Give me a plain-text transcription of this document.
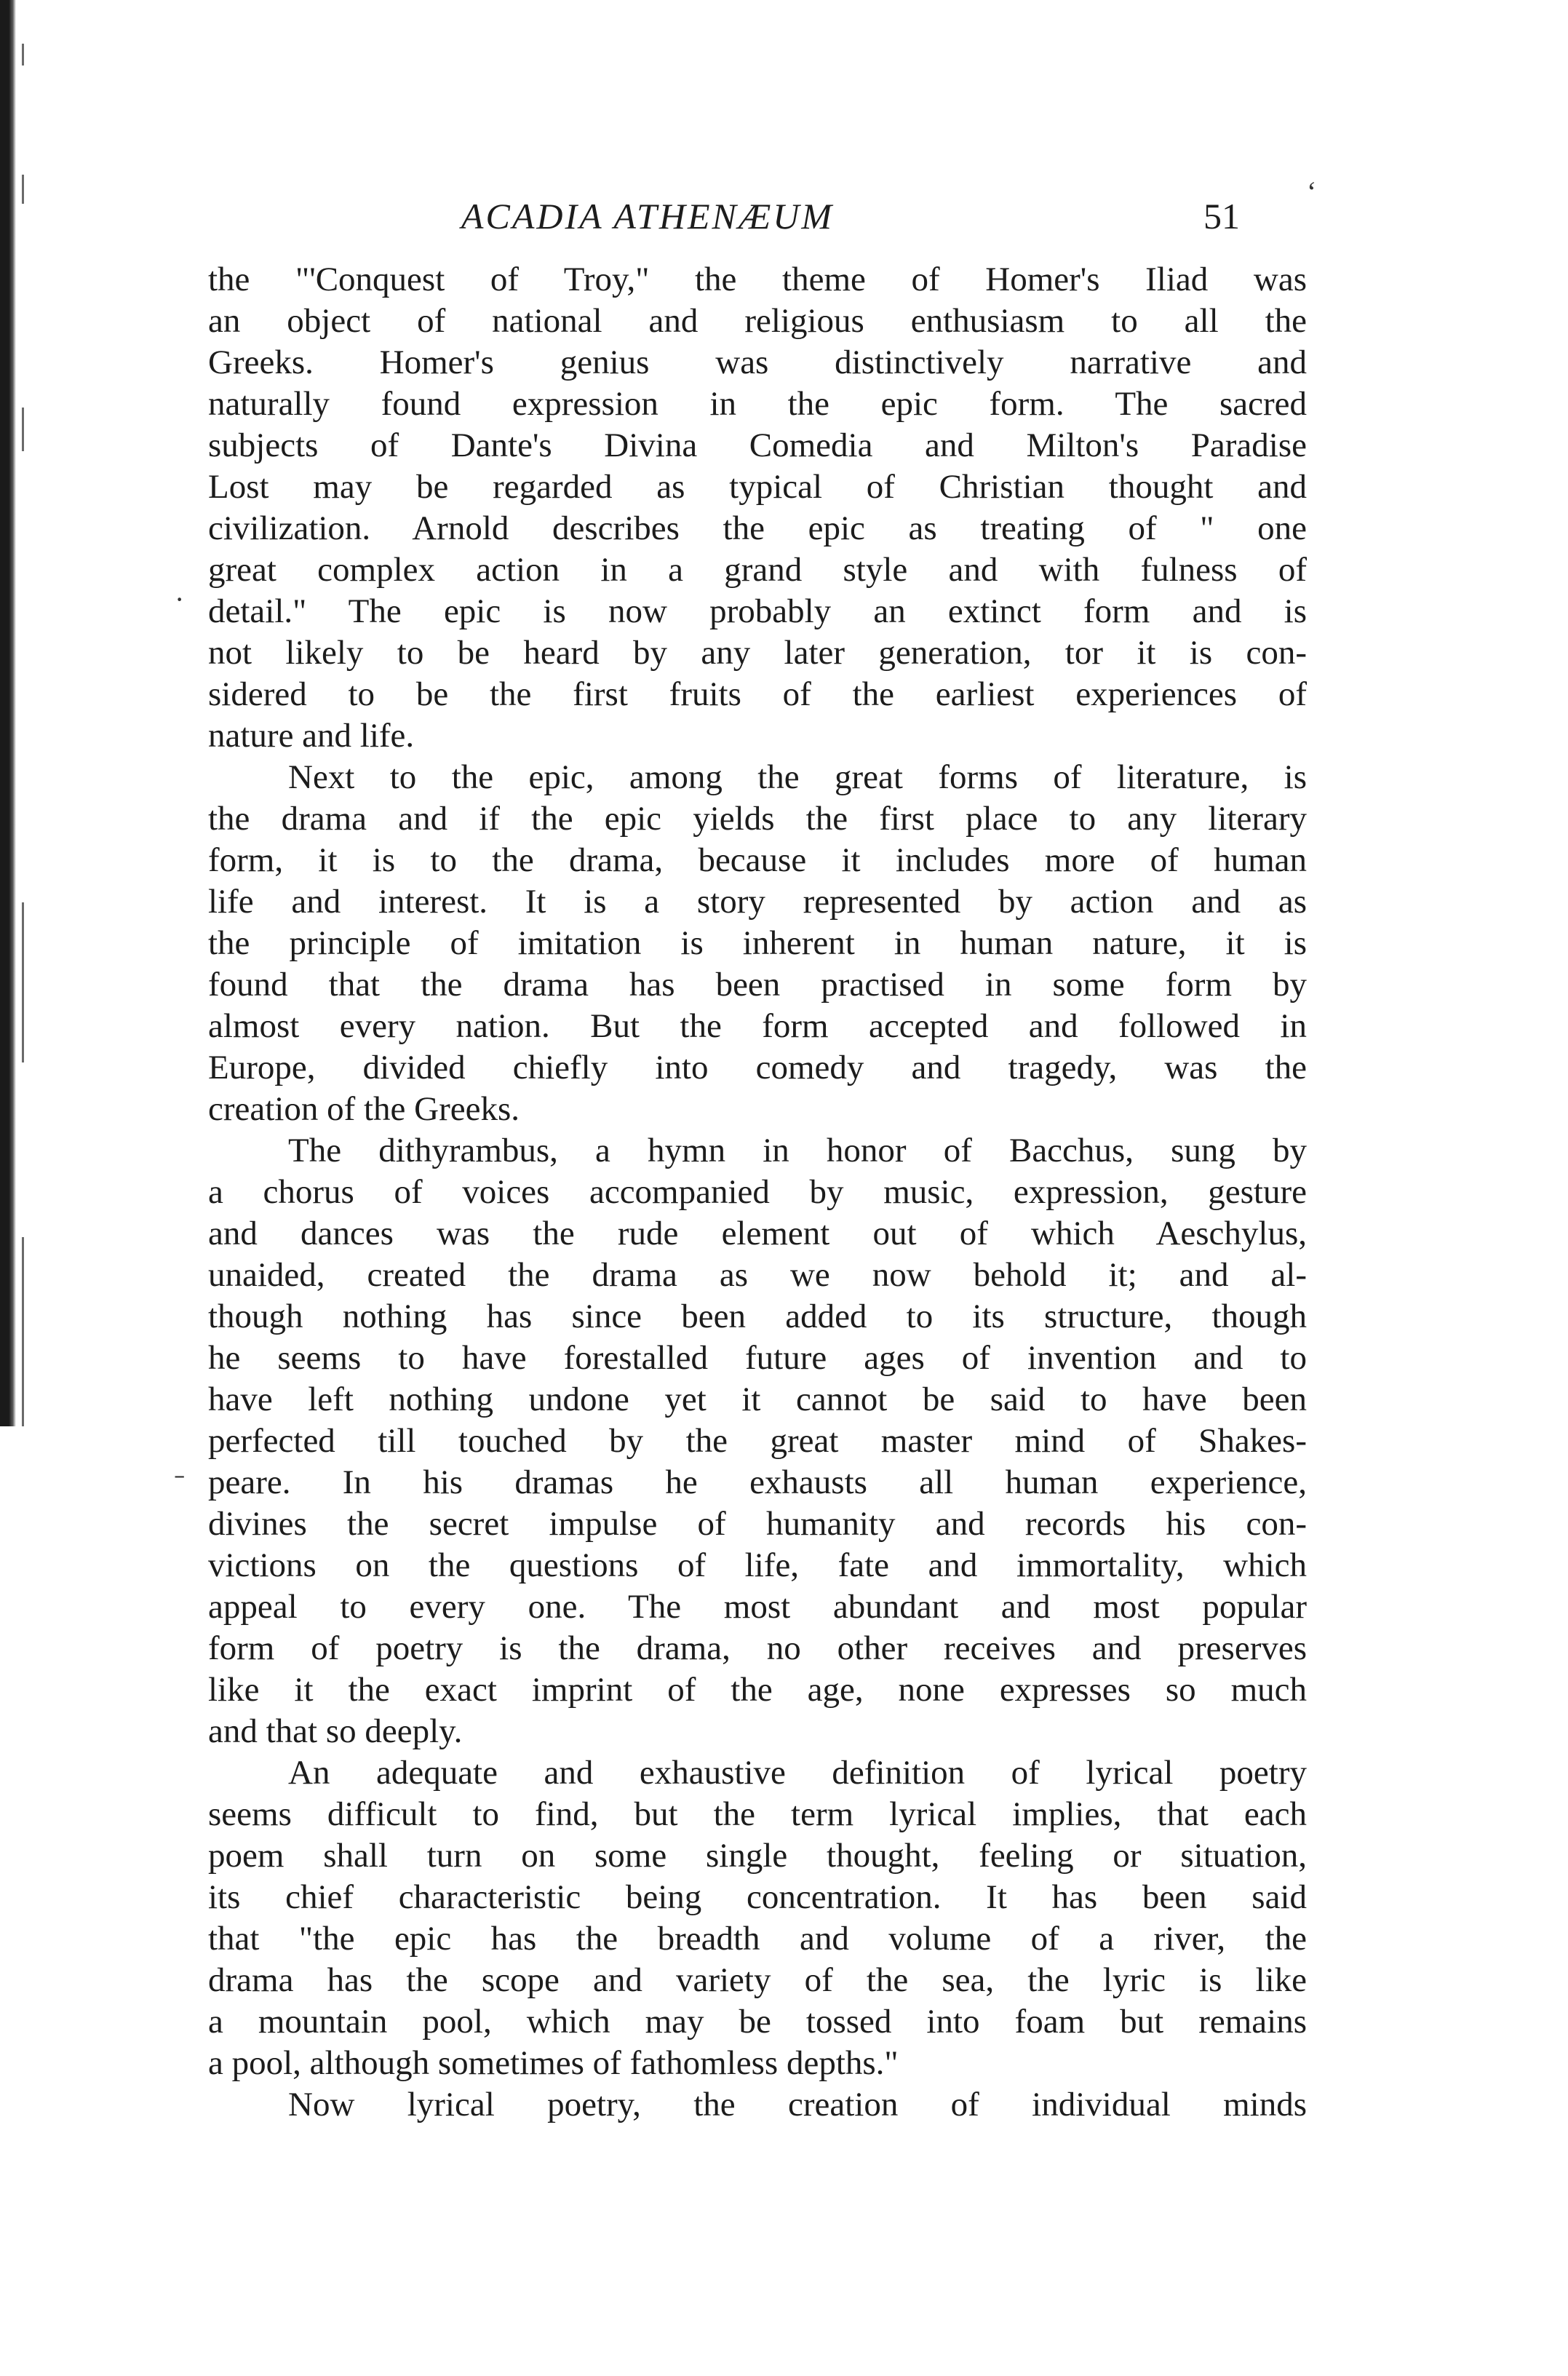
‘
·
˗
ACADIA ATHENÆUM	51
the "'Conquest of Troy," the theme of Homer's Iliad was
an object of national and religious enthusiasm to all the
Greeks. Homer's genius was distinctively narrative and
naturally found expression in the epic form. The sacred
subjects of Dante's Divina Comedia and Milton's Paradise
Lost may be regarded as typical of Christian thought and
civilization. Arnold describes the epic as treating of " one
great complex action in a grand style and with fulness of
detail." The epic is now probably an extinct form and is
not likely to be heard by any later generation, tor it is con-
sidered to be the first fruits of the earliest experiences of
nature and life.
Next to the epic, among the great forms of literature, is
the drama and if the epic yields the first place to any literary
form, it is to the drama, because it includes more of human
life and interest. It is a story represented by action and as
the principle of imitation is inherent in human nature, it is
found that the drama has been practised in some form by
almost every nation. But the form accepted and followed in
Europe, divided chiefly into comedy and tragedy, was the
creation of the Greeks.
The dithyrambus, a hymn in honor of Bacchus, sung by
a chorus of voices accompanied by music, expression, gesture
and dances was the rude element out of which Aeschylus,
unaided, created the drama as we now behold it; and al-
though nothing has since been added to its structure, though
he seems to have forestalled future ages of invention and to
have left nothing undone yet it cannot be said to have been
perfected till touched by the great master mind of Shakes-
peare. In his dramas he exhausts all human experience,
divines the secret impulse of humanity and records his con-
victions on the questions of life, fate and immortality, which
appeal to every one. The most abundant and most popular
form of poetry is the drama, no other receives and preserves
like it the exact imprint of the age, none expresses so much
and that so deeply.
An adequate and exhaustive definition of lyrical poetry
seems difficult to find, but the term lyrical implies, that each
poem shall turn on some single thought, feeling or situation,
its chief characteristic being concentration. It has been said
that "the epic has the breadth and volume of a river, the
drama has the scope and variety of the sea, the lyric is like
a mountain pool, which may be tossed into foam but remains
a pool, although sometimes of fathomless depths."
Now lyrical poetry, the creation of individual minds
